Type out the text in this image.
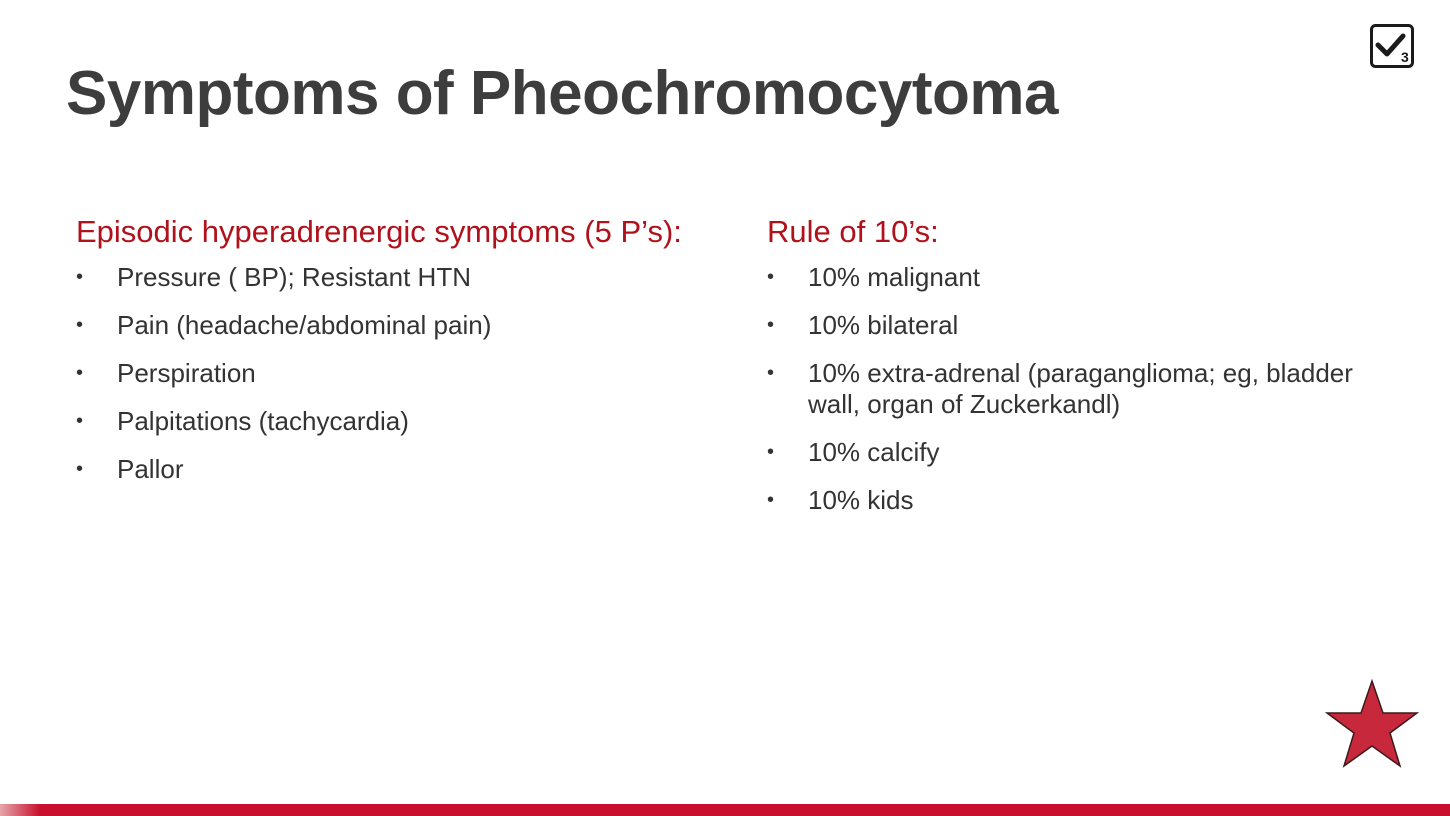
Symptoms of Pheochromocytoma
3

Episodic hyperadrenergic symptoms (5 P’s):

• Pressure ( BP); Resistant HTN
• Pain (headache/abdominal pain)
• Perspiration
• Palpitations (tachycardia)
• Pallor

Rule of 10’s:

• 10% malignant
• 10% bilateral
• 10% extra-adrenal (paraganglioma; eg, bladder wall, organ of Zuckerkandl)
• 10% calcify
• 10% kids
